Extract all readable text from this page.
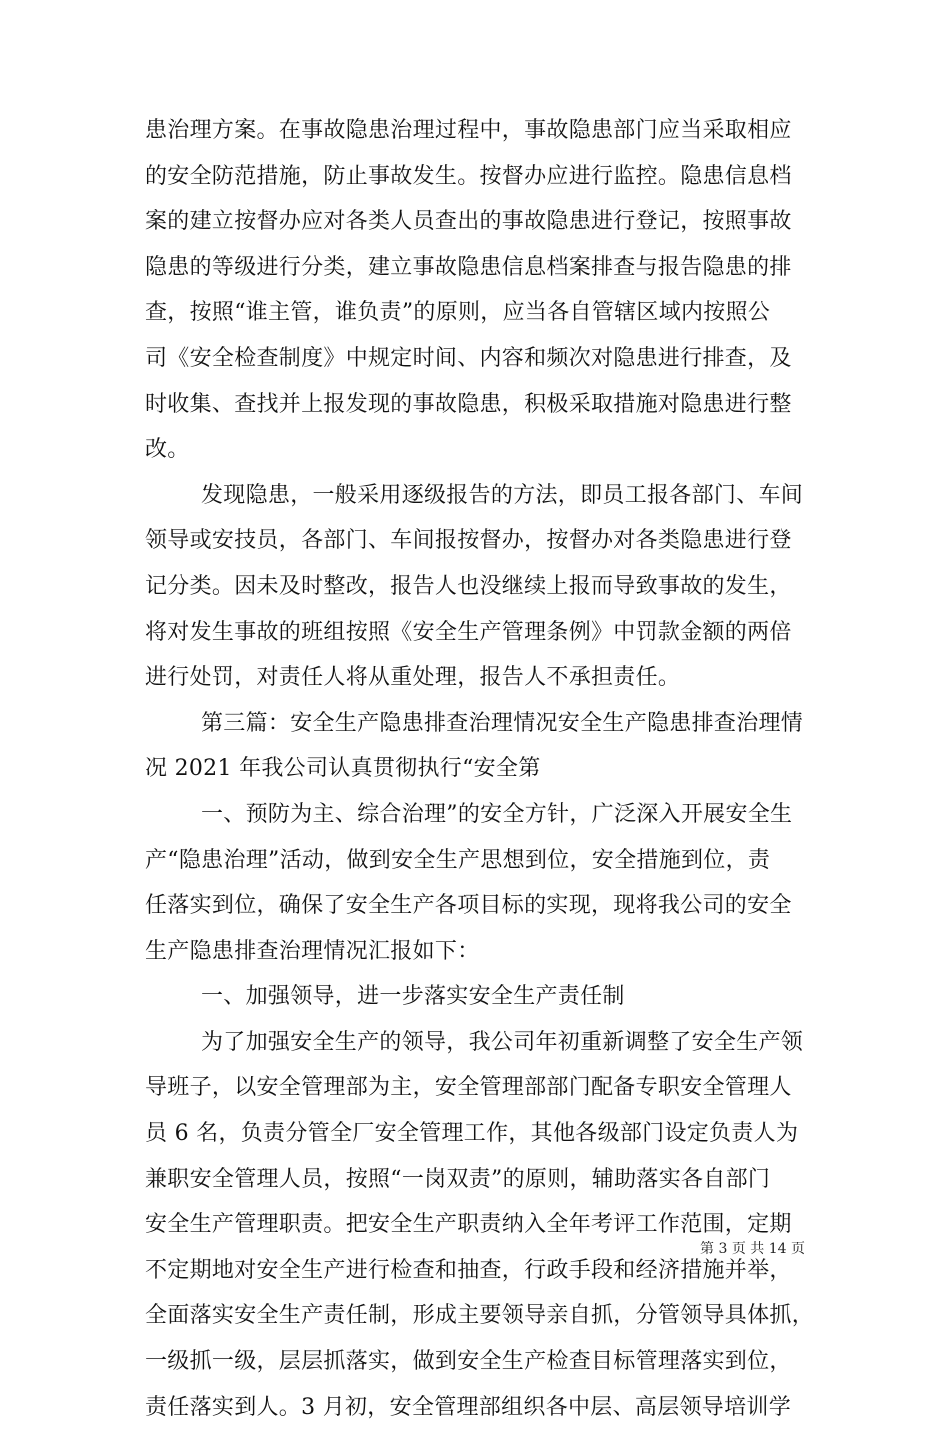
患治理方案。在事故隐患治理过程中，事故隐患部门应当采取相应
的安全防范措施，防止事故发生。按督办应进行监控。隐患信息档
案的建立按督办应对各类人员查出的事故隐患进行登记，按照事故
隐患的等级进行分类，建立事故隐患信息档案排查与报告隐患的排
查，按照“谁主管，谁负责”的原则，应当各自管辖区域内按照公
司《安全检查制度》中规定时间、内容和频次对隐患进行排查，及
时收集、查找并上报发现的事故隐患，积极采取措施对隐患进行整
改。
发现隐患，一般采用逐级报告的方法，即员工报各部门、车间
领导或安技员，各部门、车间报按督办，按督办对各类隐患进行登
记分类。因未及时整改，报告人也没继续上报而导致事故的发生，
将对发生事故的班组按照《安全生产管理条例》中罚款金额的两倍
进行处罚，对责任人将从重处理，报告人不承担责任。
第三篇：安全生产隐患排查治理情况安全生产隐患排查治理情
况 2021 年我公司认真贯彻执行“安全第
一、预防为主、综合治理”的安全方针，广泛深入开展安全生
产“隐患治理”活动，做到安全生产思想到位，安全措施到位，责
任落实到位，确保了安全生产各项目标的实现，现将我公司的安全
生产隐患排查治理情况汇报如下：
一、加强领导，进一步落实安全生产责任制
为了加强安全生产的领导，我公司年初重新调整了安全生产领
导班子，以安全管理部为主，安全管理部部门配备专职安全管理人
员 6 名，负责分管全厂安全管理工作，其他各级部门设定负责人为
兼职安全管理人员，按照“一岗双责”的原则，辅助落实各自部门
安全生产管理职责。把安全生产职责纳入全年考评工作范围，定期
不定期地对安全生产进行检查和抽查，行政手段和经济措施并举，
全面落实安全生产责任制，形成主要领导亲自抓，分管领导具体抓，
一级抓一级，层层抓落实，做到安全生产检查目标管理落实到位，
责任落实到人。3 月初，安全管理部组织各中层、高层领导培训学
第 3 页 共 14 页
